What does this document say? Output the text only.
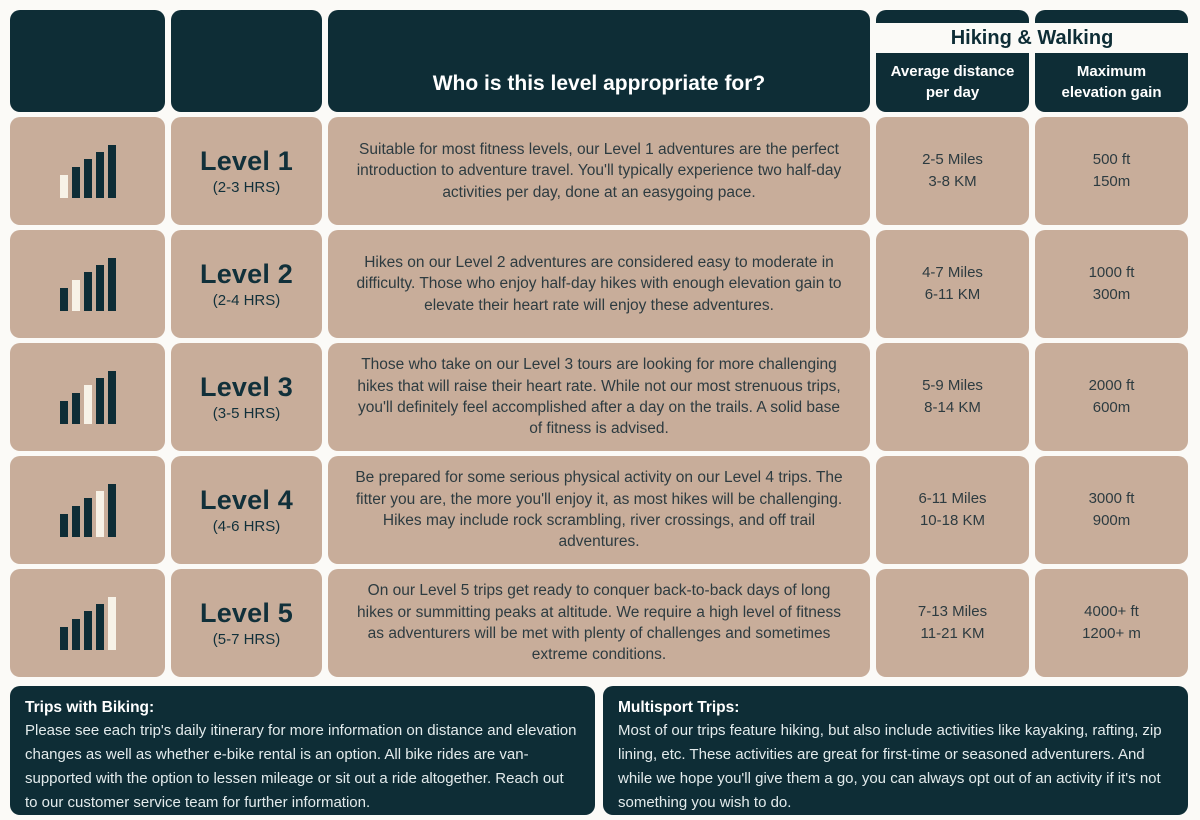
Who is this level appropriate for?
Average distance per day
Maximum elevation gain
Hiking & Walking
Level 1
(2-3 HRS)

Suitable for most fitness levels, our Level 1 adventures are the perfect introduction to adventure travel. You'll typically experience two half-day activities per day, done at an easygoing pace.

2-5 Miles
3-8 KM
500 ft
150m
Level 2
(2-4 HRS)

Hikes on our Level 2 adventures are considered easy to moderate in difficulty. Those who enjoy half-day hikes with enough elevation gain to elevate their heart rate will enjoy these adventures.

4-7 Miles
6-11 KM
1000 ft
300m
Level 3
(3-5 HRS)

Those who take on our Level 3 tours are looking for more challenging hikes that will raise their heart rate. While not our most strenuous trips, you'll definitely feel accomplished after a day on the trails. A solid base of fitness is advised.

5-9 Miles
8-14 KM
2000 ft
600m
Level 4
(4-6 HRS)

Be prepared for some serious physical activity on our Level 4 trips. The fitter you are, the more you'll enjoy it, as most hikes will be challenging. Hikes may include rock scrambling, river crossings, and off trail adventures.

6-11 Miles
10-18 KM
3000 ft
900m
Level 5
(5-7 HRS)

On our Level 5 trips get ready to conquer back-to-back days of long hikes or summitting peaks at altitude. We require a high level of fitness as adventurers will be met with plenty of challenges and sometimes extreme conditions.

7-13 Miles
11-21 KM
4000+ ft
1200+ m
Trips with Biking:
Please see each trip's daily itinerary for more information on distance and elevation changes as well as whether e-bike rental is an option. All bike rides are van-supported with the option to lessen mileage or sit out a ride altogether. Reach out to our customer service team for further information.
Multisport Trips:
Most of our trips feature hiking, but also include activities like kayaking, rafting, zip lining, etc. These activities are great for first-time or seasoned adventurers. And while we hope you'll give them a go, you can always opt out of an activity if it's not something you wish to do.
